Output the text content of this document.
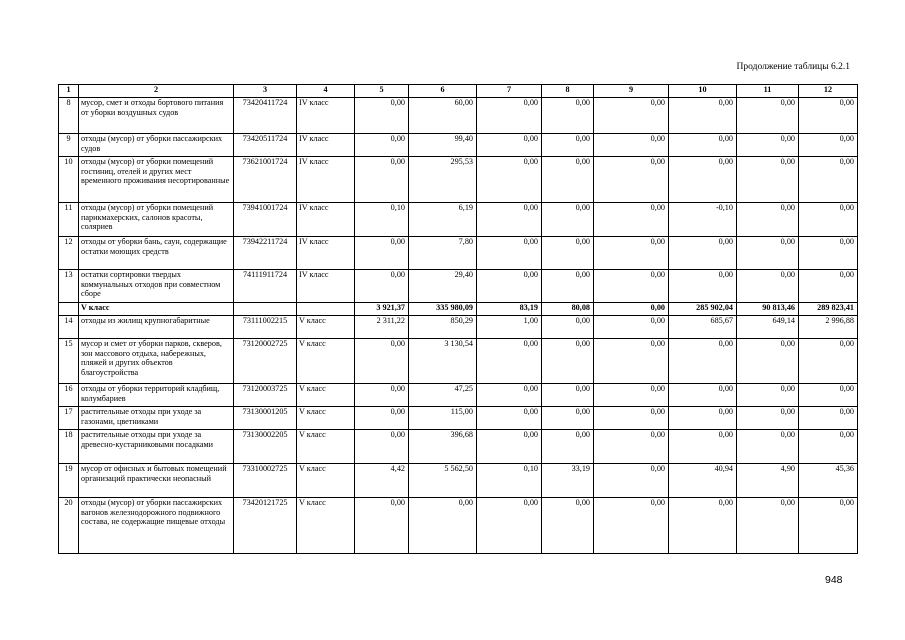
Продолжение таблицы 6.2.1
1	2	3	4	5	6	7	8	9	10	11	12
8	мусор, смет и отходы бортового питания от уборки воздушных судов	73420411724	IV класс	0,00	60,00	0,00	0,00	0,00	0,00	0,00	0,00
9	отходы (мусор) от уборки пассажирских судов	73420511724	IV класс	0,00	99,40	0,00	0,00	0,00	0,00	0,00	0,00
10	отходы (мусор) от уборки помещений гостиниц, отелей и других мест временного проживания несортированные	73621001724	IV класс	0,00	295,53	0,00	0,00	0,00	0,00	0,00	0,00
11	отходы (мусор) от уборки помещений парикмахерских, салонов красоты, соляриев	73941001724	IV класс	0,10	6,19	0,00	0,00	0,00	-0,10	0,00	0,00
12	отходы от уборки бань, саун, содержащие остатки моющих средств	73942211724	IV класс	0,00	7,80	0,00	0,00	0,00	0,00	0,00	0,00
13	остатки сортировки твердых коммунальных отходов при совместном сборе	74111911724	IV класс	0,00	29,40	0,00	0,00	0,00	0,00	0,00	0,00
	V класс			3 921,37	335 980,09	83,19	80,08	0,00	285 902,04	90 813,46	289 823,41
14	отходы из жилищ крупногабаритные	73111002215	V класс	2 311,22	850,29	1,00	0,00	0,00	685,67	649,14	2 996,88
15	мусор и смет от уборки парков, скверов, зон массового отдыха, набережных, пляжей и других объектов благоустройства	73120002725	V класс	0,00	3 130,54	0,00	0,00	0,00	0,00	0,00	0,00
16	отходы от уборки территорий кладбищ, колумбариев	73120003725	V класс	0,00	47,25	0,00	0,00	0,00	0,00	0,00	0,00
17	растительные отходы при уходе за газонами, цветниками	73130001205	V класс	0,00	115,00	0,00	0,00	0,00	0,00	0,00	0,00
18	растительные отходы при уходе за древесно-кустарниковыми посадками	73130002205	V класс	0,00	396,68	0,00	0,00	0,00	0,00	0,00	0,00
19	мусор от офисных и бытовых помещений организаций практически неопасный	73310002725	V класс	4,42	5 562,50	0,10	33,19	0,00	40,94	4,90	45,36
20	отходы (мусор) от уборки пассажирских вагонов железнодорожного подвижного состава, не содержащие пищевые отходы	73420121725	V класс	0,00	0,00	0,00	0,00	0,00	0,00	0,00	0,00
948
